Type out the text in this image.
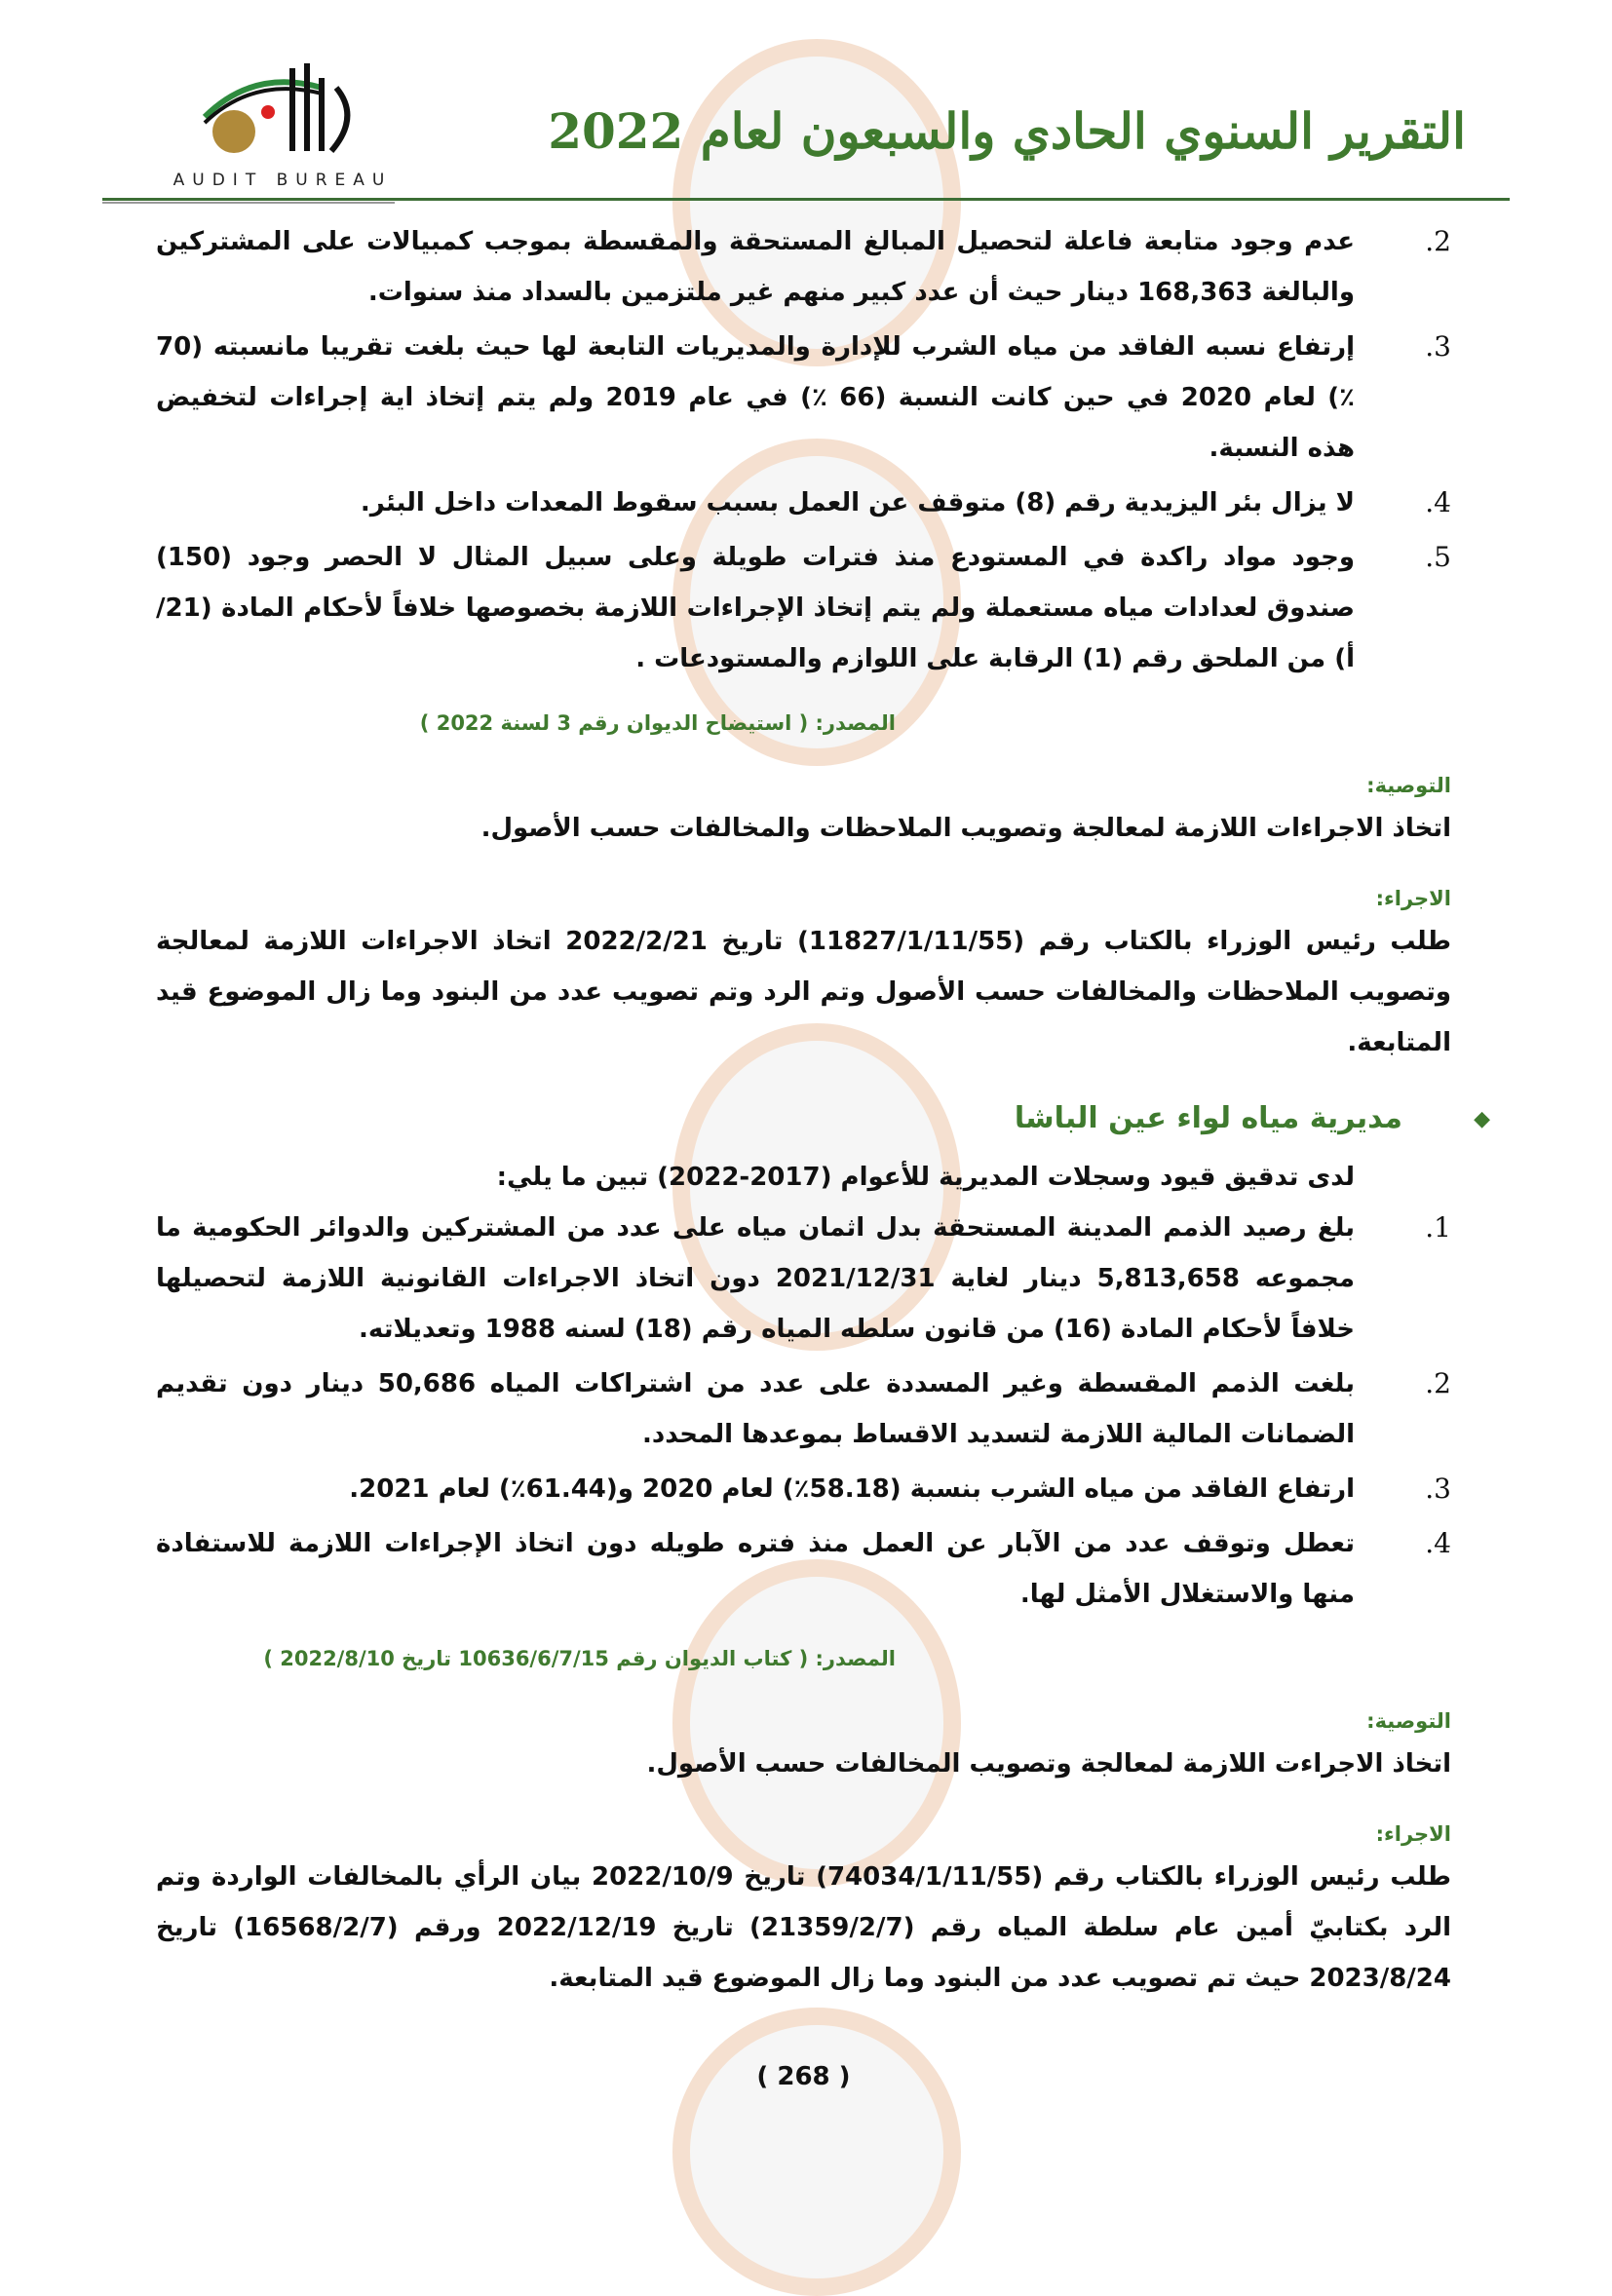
AUDIT BUREAU
التقرير السنوي الحادي والسبعون لعام 2022
.2
عدم وجود متابعة فاعلة لتحصيل المبالغ المستحقة والمقسطة بموجب كمبيالات على المشتركين والبالغة 168,363 دينار حيث أن عدد كبير منهم غير ملتزمين بالسداد منذ سنوات.
.3
إرتفاع نسبه الفاقد من مياه الشرب للإدارة والمديريات التابعة لها حيث بلغت تقريبا مانسبته (70 ٪) لعام 2020 في حين كانت النسبة (66 ٪) في عام 2019 ولم يتم إتخاذ اية إجراءات لتخفيض هذه النسبة.
.4
لا يزال بئر اليزيدية رقم (8) متوقف عن العمل بسبب سقوط المعدات داخل البئر.
.5
وجود مواد راكدة في المستودع منذ فترات طويلة وعلى سبيل المثال لا الحصر وجود (150) صندوق لعدادات مياه مستعملة ولم يتم إتخاذ الإجراءات اللازمة بخصوصها خلافاً لأحكام المادة (21/أ) من الملحق رقم (1) الرقابة على اللوازم والمستودعات .
المصدر: ( استيضاح الديوان رقم 3 لسنة 2022 )
التوصية:
اتخاذ الاجراءات اللازمة لمعالجة وتصويب الملاحظات والمخالفات حسب الأصول.
الاجراء:
طلب رئيس الوزراء بالكتاب رقم (11827/1/11/55) تاريخ 2022/2/21 اتخاذ الاجراءات اللازمة لمعالجة وتصويب الملاحظات والمخالفات حسب الأصول وتم الرد وتم تصويب عدد من البنود وما زال الموضوع قيد المتابعة.
◆
مديرية مياه لواء عين الباشا
لدى تدقيق قيود وسجلات المديرية للأعوام (2017-2022) تبين ما يلي:
.1
بلغ رصيد الذمم المدينة المستحقة بدل اثمان مياه على عدد من المشتركين والدوائر الحكومية ما مجموعه 5,813,658 دينار لغاية 2021/12/31 دون اتخاذ الاجراءات القانونية اللازمة لتحصيلها خلافاً لأحكام المادة (16) من قانون سلطه المياه رقم (18) لسنه 1988 وتعديلاته.
.2
بلغت الذمم المقسطة وغير المسددة على عدد من اشتراكات المياه 50,686 دينار دون تقديم الضمانات المالية اللازمة لتسديد الاقساط بموعدها المحدد.
.3
ارتفاع الفاقد من مياه الشرب بنسبة (58.18٪) لعام 2020 و(61.44٪) لعام 2021.
.4
تعطل وتوقف عدد من الآبار عن العمل منذ فتره طويله دون اتخاذ الإجراءات اللازمة للاستفادة منها والاستغلال الأمثل لها.
المصدر: ( كتاب الديوان رقم 10636/6/7/15 تاريخ 2022/8/10 )
التوصية:
اتخاذ الاجراءت اللازمة لمعالجة وتصويب المخالفات حسب الأصول.
الاجراء:
طلب رئيس الوزراء بالكتاب رقم (74034/1/11/55) تاريخ 2022/10/9 بيان الرأي بالمخالفات الواردة وتم الرد بكتابيّ أمين عام سلطة المياه رقم (21359/2/7) تاريخ 2022/12/19 ورقم (16568/2/7) تاريخ 2023/8/24 حيث تم تصويب عدد من البنود وما زال الموضوع قيد المتابعة.
( 268 )
